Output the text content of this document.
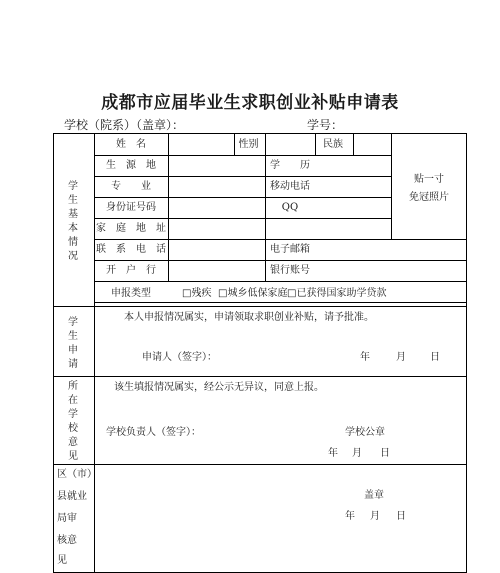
成都市应届毕业生求职创业补贴申请表
学校（院系）（盖章）：	学号：
学生基本情况
姓　名	性别	民族
贴一寸
免冠照片
生　源　地	学　　历
专　　业	移动电话
身份证号码	QQ
家　庭　地　址
联　系　电　话	电子邮箱
开　户　行	银行账号
申报类型	□残疾 □城乡低保家庭 □已获得国家助学贷款
学生申请
本人申报情况属实，申请领取求职创业补贴，请予批准。
申请人（签字）：	年	月 日
所在学校意见
该生填报情况属实，经公示无异议，同意上报。
学校负责人（签字）：	学校公章
年 月 日
区（市）
县就业
局审
核意
见
盖章
年 月 日
